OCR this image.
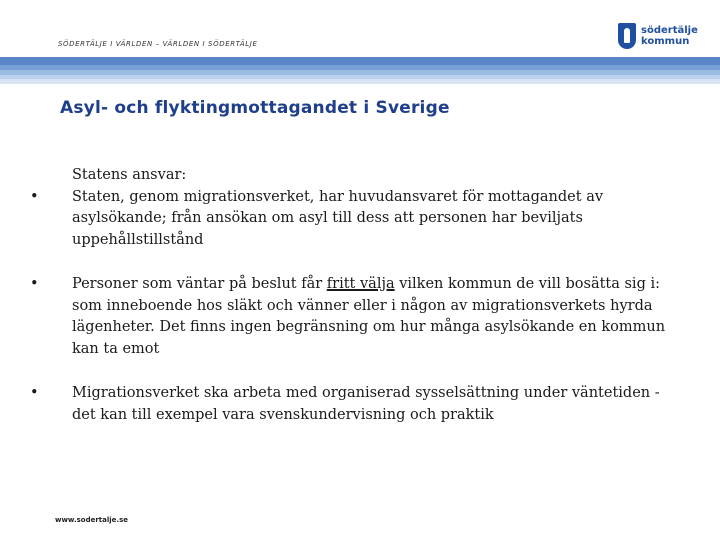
SÖDERTÄLJE I VÄRLDEN – VÄRLDEN I SÖDERTÄLJE
södertälje
kommun
Asyl- och flyktingmottagandet i Sverige
Statens ansvar:
•	Staten, genom migrationsverket, har huvudansvaret för mottagandet av asylsökande; från ansökan om asyl till dess att personen har beviljats uppehållstillstånd
•	Personer som väntar på beslut får fritt välja vilken kommun de vill bosätta sig i: som inneboende hos släkt och vänner eller i någon av migrationsverkets hyrda lägenheter. Det finns ingen begränsning om hur många asylsökande en kommun kan ta emot
•	Migrationsverket ska arbeta med organiserad sysselsättning under väntetiden - det kan till exempel vara svenskundervisning och praktik
www.sodertalje.se
